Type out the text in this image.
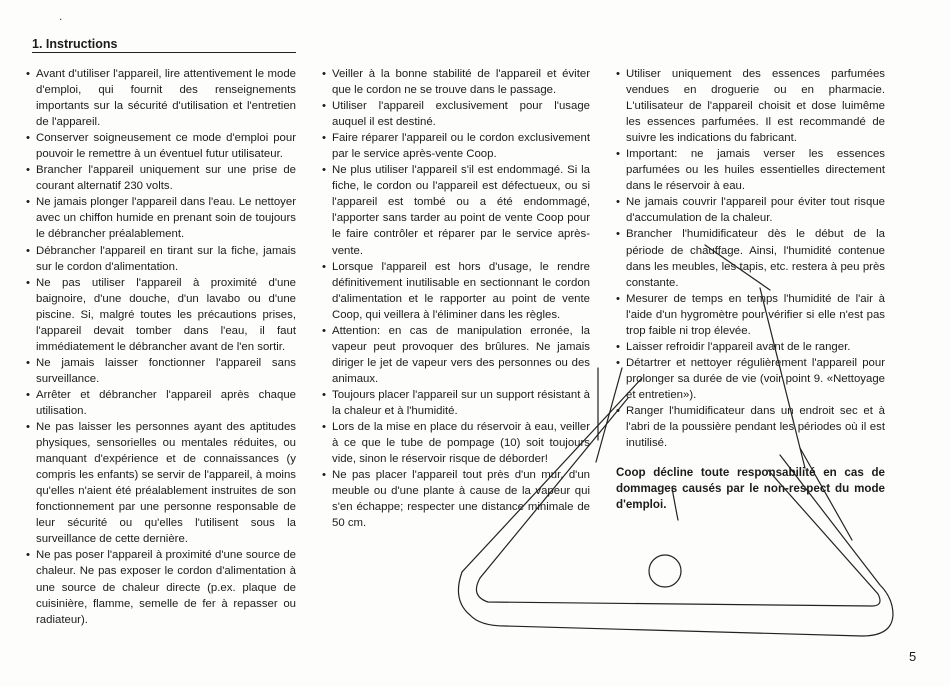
٠
1. Instructions
• Avant d'utiliser l'appareil, lire attentivement le mode d'emploi, qui fournit des renseignements importants sur la sécurité d'utilisation et l'entretien de l'appareil.
• Conserver soigneusement ce mode d'emploi pour pouvoir le remettre à un éventuel futur utilisateur.
• Brancher l'appareil uniquement sur une prise de courant alternatif 230 volts.
• Ne jamais plonger l'appareil dans l'eau. Le nettoyer avec un chiffon humide en prenant soin de toujours le débrancher préalablement.
• Débrancher l'appareil en tirant sur la fiche, jamais sur le cordon d'alimentation.
• Ne pas utiliser l'appareil à proximité d'une baignoire, d'une douche, d'un lavabo ou d'une piscine. Si, malgré toutes les précautions prises, l'appareil devait tomber dans l'eau, il faut immédiatement le débrancher avant de l'en sortir.
• Ne jamais laisser fonctionner l'appareil sans surveillance.
• Arrêter et débrancher l'appareil après chaque utilisation.
• Ne pas laisser les personnes ayant des aptitudes physiques, sensorielles ou mentales réduites, ou manquant d'expérience et de connaissances (y compris les enfants) se servir de l'appareil, à moins qu'elles n'aient été préalablement instruites de son fonctionnement par une personne responsable de leur sécurité ou qu'elles l'utilisent sous la surveillance de cette dernière.
• Ne pas poser l'appareil à proximité d'une source de chaleur. Ne pas exposer le cordon d'alimentation à une source de chaleur directe (p.ex. plaque de cuisinière, flamme, semelle de fer à repasser ou radiateur).
• Veiller à la bonne stabilité de l'appareil et éviter que le cordon ne se trouve dans le passage.
• Utiliser l'appareil exclusivement pour l'usage auquel il est destiné.
• Faire réparer l'appareil ou le cordon exclusivement par le service après-vente Coop.
• Ne plus utiliser l'appareil s'il est endommagé. Si la fiche, le cordon ou l'appareil est défectueux, ou si l'appareil est tombé ou a été endommagé, l'apporter sans tarder au point de vente Coop pour le faire contrôler et réparer par le service après-vente.
• Lorsque l'appareil est hors d'usage, le rendre définitivement inutilisable en sectionnant le cordon d'alimentation et le rapporter au point de vente Coop, qui veillera à l'éliminer dans les règles.
• Attention: en cas de manipulation erronée, la vapeur peut provoquer des brûlures. Ne jamais diriger le jet de vapeur vers des personnes ou des animaux.
• Toujours placer l'appareil sur un support résistant à la chaleur et à l'humidité.
• Lors de la mise en place du réservoir à eau, veiller à ce que le tube de pompage (10) soit toujours vide, sinon le réservoir risque de déborder!
• Ne pas placer l'appareil tout près d'un mur, d'un meuble ou d'une plante à cause de la vapeur qui s'en échappe; respecter une distance minimale de 50 cm.
• Utiliser uniquement des essences parfumées vendues en droguerie ou en pharmacie. L'utilisateur de l'appareil choisit et dose luimême les essences parfumées. Il est recommandé de suivre les indications du fabricant.
• Important: ne jamais verser les essences parfumées ou les huiles essentielles directement dans le réservoir à eau.
• Ne jamais couvrir l'appareil pour éviter tout risque d'accumulation de la chaleur.
• Brancher l'humidificateur dès le début de la période de chauffage. Ainsi, l'humidité contenue dans les meubles, les tapis, etc. restera à peu près constante.
• Mesurer de temps en temps l'humidité de l'air à l'aide d'un hygromètre pour vérifier si elle n'est pas trop faible ni trop élevée.
• Laisser refroidir l'appareil avant de le ranger.
• Détartrer et nettoyer régulièrement l'appareil pour prolonger sa durée de vie (voir point 9. «Nettoyage et entretien»).
• Ranger l'humidificateur dans un endroit sec et à l'abri de la poussière pendant les périodes où il est inutilisé.
Coop décline toute responsabilité en cas de dommages causés par le non-respect du mode d'emploi.
5
